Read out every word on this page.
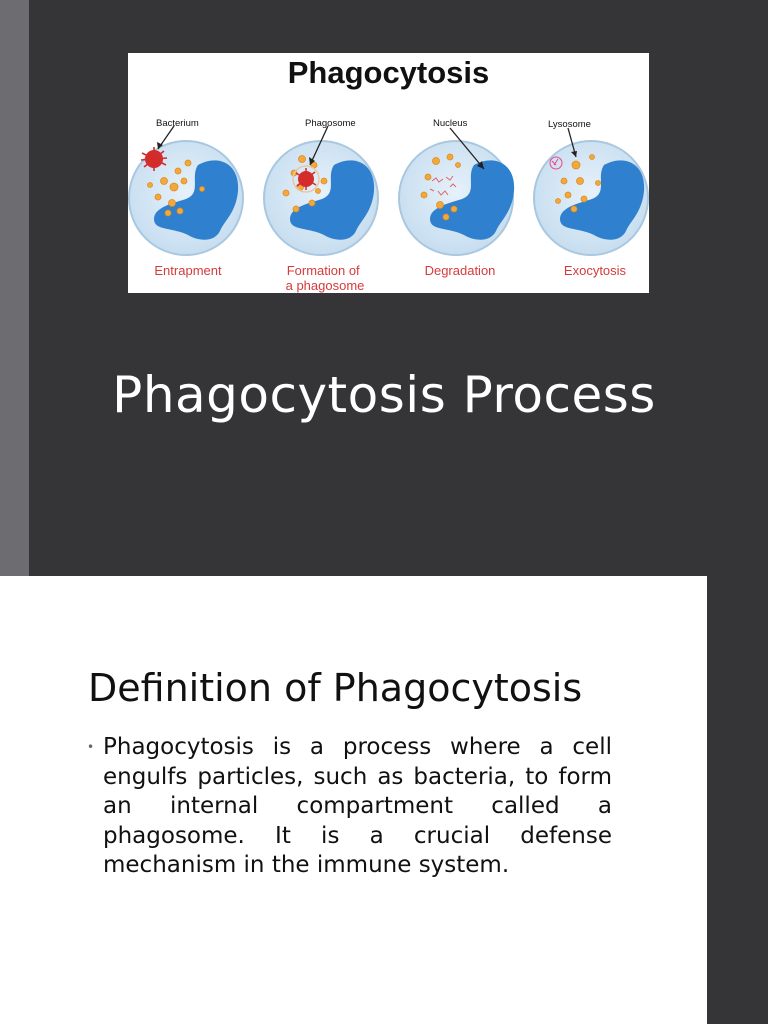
Phagocytosis
Bacterium	Phagosome	Nucleus	Lysosome
Entrapment	Formation of a phagosome
Degradation	Exocytosis
Phagocytosis Process
Definition of Phagocytosis
• Phagocytosis is a process where a cell engulfs particles, such as bacteria, to form an internal compartment called a phagosome. It is a crucial defense mechanism in the immune system.
